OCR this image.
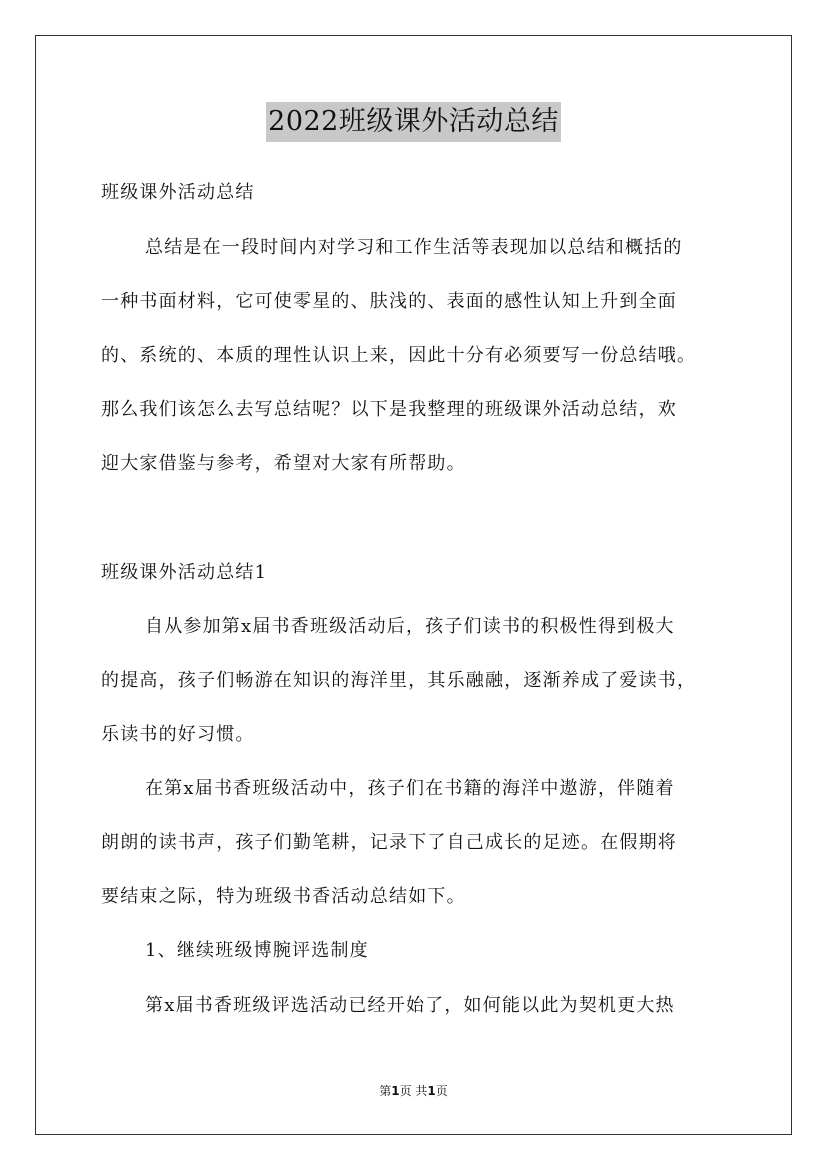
2022班级课外活动总结
班级课外活动总结
总结是在一段时间内对学习和工作生活等表现加以总结和概括的
一种书面材料，它可使零星的、肤浅的、表面的感性认知上升到全面
的、系统的、本质的理性认识上来，因此十分有必须要写一份总结哦。
那么我们该怎么去写总结呢？以下是我整理的班级课外活动总结，欢
迎大家借鉴与参考，希望对大家有所帮助。
班级课外活动总结1
自从参加第x届书香班级活动后，孩子们读书的积极性得到极大
的提高，孩子们畅游在知识的海洋里，其乐融融，逐渐养成了爱读书，
乐读书的好习惯。
在第x届书香班级活动中，孩子们在书籍的海洋中遨游，伴随着
朗朗的读书声，孩子们勤笔耕，记录下了自己成长的足迹。在假期将
要结束之际，特为班级书香活动总结如下。
1、继续班级博腕评选制度
第x届书香班级评选活动已经开始了，如何能以此为契机更大热
第1页 共1页
